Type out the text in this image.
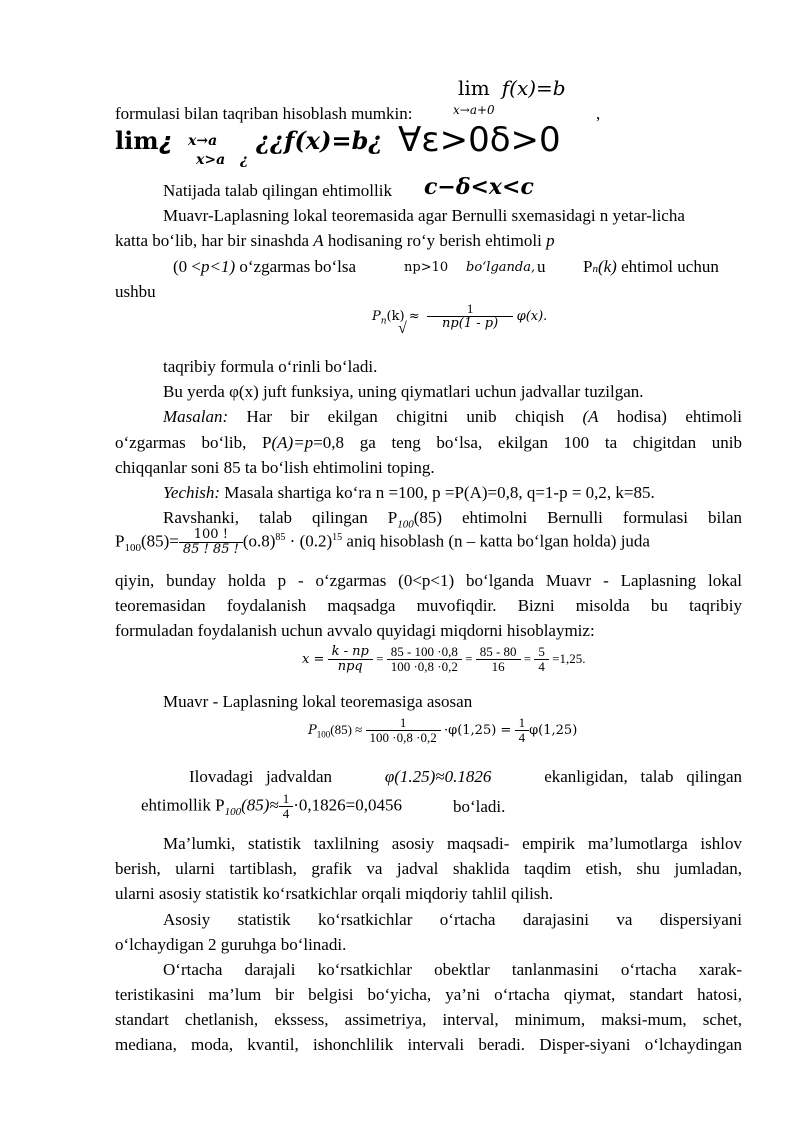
lim f(x)=b
x→a+0
formulasi bilan taqriban hisoblash mumkin:	,
lim¿ x→a
x>a ¿
¿¿f(x)=b¿ ∀ε>0δ>0
Natijada talab qilingan ehtimollik c−δ<x<c
Muavr-Laplasning lokal teoremasida agar Bernulli sxemasidagi n yetar-licha
katta bo‘lib, har bir sinashda A hodisaning ro‘y berish ehtimoli p
(0 <p<1) o‘zgarmas bo‘lsa	np>10 bo‘lganda, u Pn(k) ehtimol uchun
ushbu
$P_n(k) \approx \frac{1}{np(1 - p)} \varphi(x)$.
√
taqribiy formula o‘rinli bo‘ladi.
Bu yerda φ(x) juft funksiya, uning qiymatlari uchun jadvallar tuzilgan.
Masalan: Har bir ekilgan chigitni unib chiqish (A hodisa) ehtimoli
o‘zgarmas bo‘lib, P(A)=p=0,8 ga teng bo‘lsa, ekilgan 100 ta chigitdan unib
chiqqanlar soni 85 ta bo‘lish ehtimolini toping.
Yechish: Masala shartiga ko‘ra n =100, p =P(A)=0,8, q=1-p = 0,2, k=85.
Ravshanki, talab qilingan $P_{100}(85)$ ehtimolni Bernulli formulasi bilan
$P_{100}(85)= \frac{100 !}{85 ! 85 !} (o.8)^{85} \cdot (0.2)^{15}$ aniq hisoblash (n – katta bo‘lgan holda) juda
qiyin, bunday holda p - o‘zgarmas (0<p<1) bo‘lganda Muavr - Laplasning lokal
teoremasidan foydalanish maqsadga muvofiqdir. Bizni misolda bu taqribiy
formuladan foydalanish uchun avvalo quyidagi miqdorni hisoblaymiz:
$x = \frac{k - np}{\text{npq}} = \frac{85 - 100 \cdot 0,8}{100 \cdot 0,8 \cdot 0,2} = \frac{85 - 80}{16} = \frac{5}{4} =1,25$.
Muavr - Laplasning lokal teoremasiga asosan
$P_{100}(85) \approx \frac{1}{100 \cdot 0,8 \cdot 0,2} \cdot\varphi(1,25) = \frac{1}{4} \varphi(1,25)$
Ilovadagi   jadvaldan	φ(1.25)≈0.1826	ekanligidan,   talab   qilingan
ehtimollik $P_{100}(85)\approx \frac{1}{4} \cdot 0,1826=0,0456$	bo‘ladi.
Ma’lumki, statistik taxlilning asosiy maqsadi- empirik ma’lumotlarga ishlov
berish, ularni tartiblash, grafik va jadval shaklida taqdim etish, shu jumladan,
ularni asosiy statistik ko‘rsatkichlar orqali miqdoriy tahlil qilish.
Asosiy statistik ko‘rsatkichlar o‘rtacha darajasini va dispersiyani
o‘lchaydigan 2 guruhga bo‘linadi.
O‘rtacha darajali ko‘rsatkichlar obektlar tanlanmasini o‘rtacha xarak-
teristikasini ma’lum bir belgisi bo‘yicha, ya’ni o‘rtacha qiymat, standart hatosi,
standart chetlanish, ekssess, assimetriya, interval, minimum, maksi-mum, schet,
mediana, moda, kvantil, ishonchlilik intervali beradi. Disper-siyani o‘lchaydingan
